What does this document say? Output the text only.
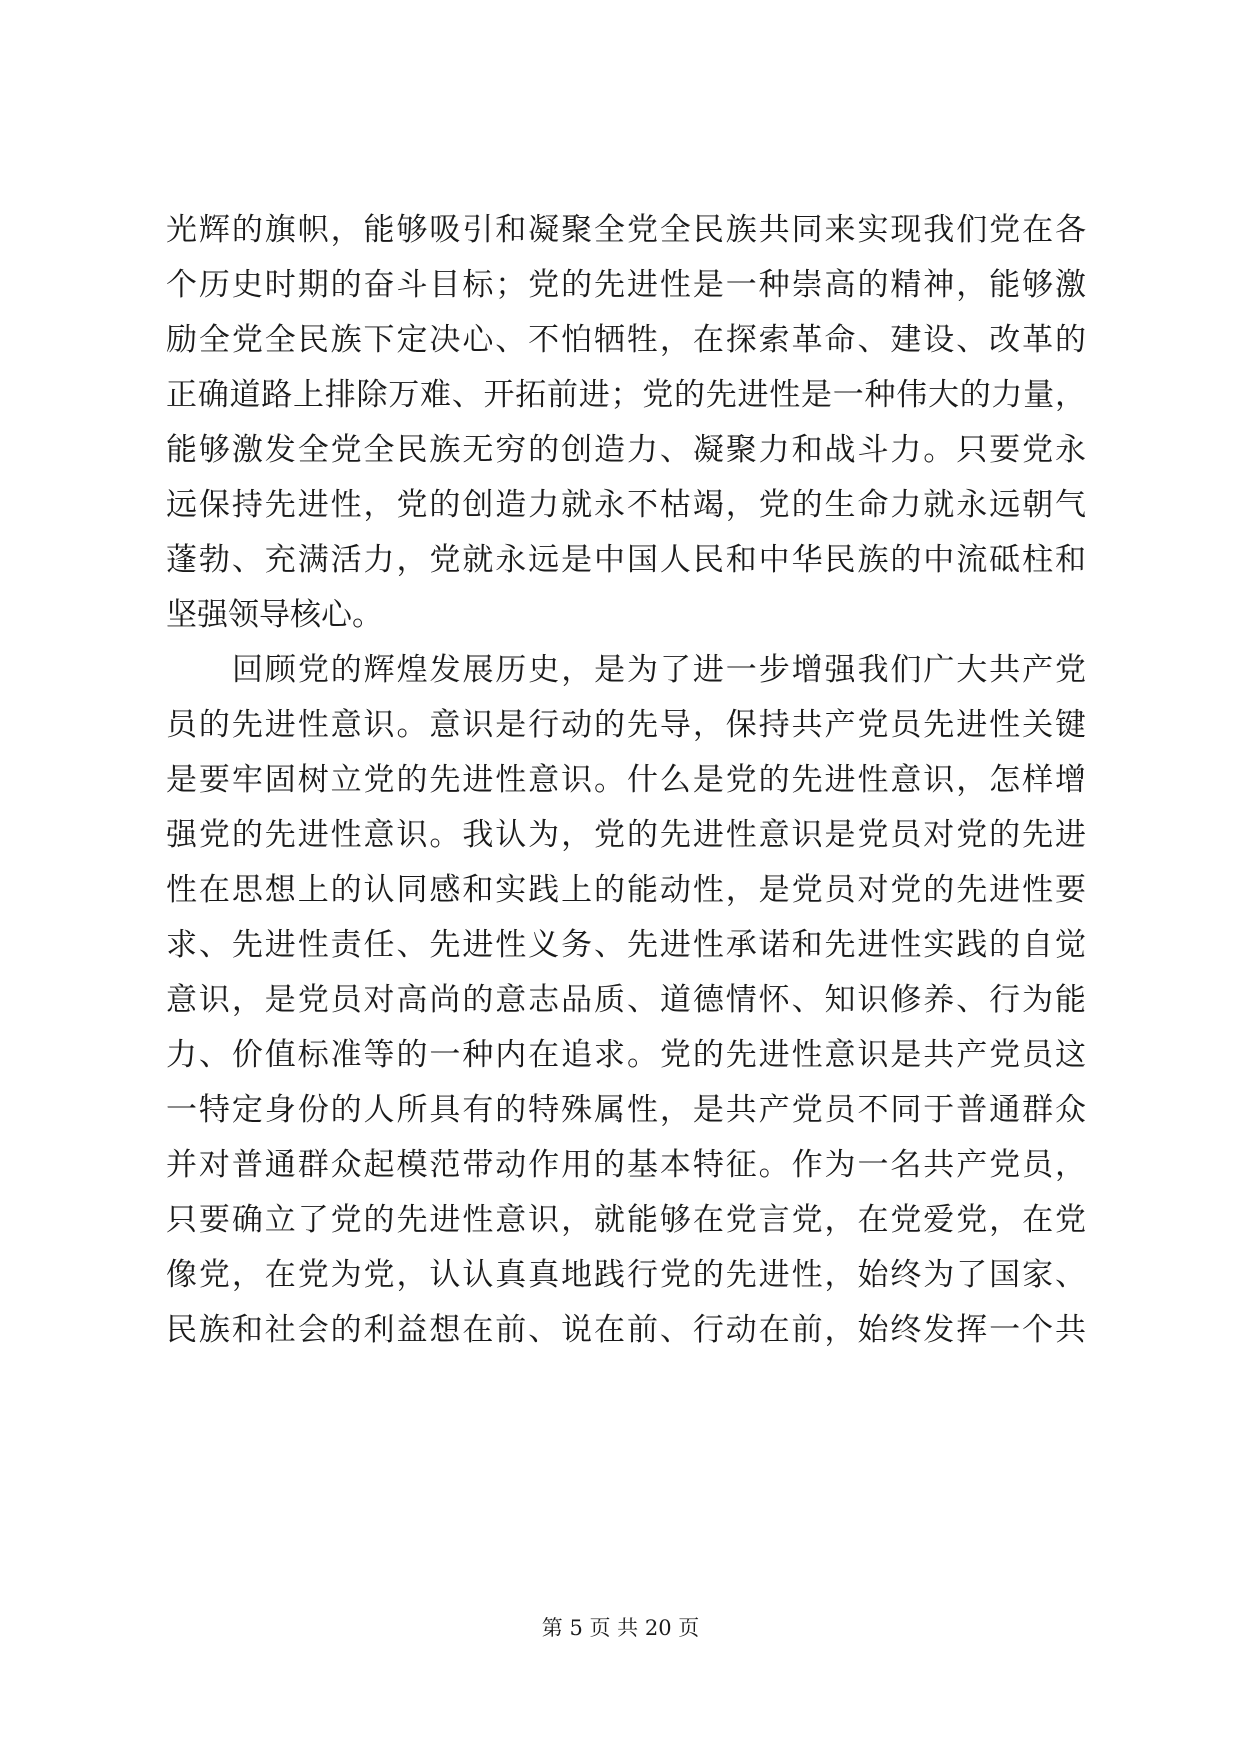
光辉的旗帜，能够吸引和凝聚全党全民族共同来实现我们党在各
个历史时期的奋斗目标；党的先进性是一种崇高的精神，能够激
励全党全民族下定决心、不怕牺牲，在探索革命、建设、改革的
正确道路上排除万难、开拓前进；党的先进性是一种伟大的力量，
能够激发全党全民族无穷的创造力、凝聚力和战斗力。只要党永
远保持先进性，党的创造力就永不枯竭，党的生命力就永远朝气
蓬勃、充满活力，党就永远是中国人民和中华民族的中流砥柱和
坚强领导核心。
回顾党的辉煌发展历史，是为了进一步增强我们广大共产党
员的先进性意识。意识是行动的先导，保持共产党员先进性关键
是要牢固树立党的先进性意识。什么是党的先进性意识，怎样增
强党的先进性意识。我认为，党的先进性意识是党员对党的先进
性在思想上的认同感和实践上的能动性，是党员对党的先进性要
求、先进性责任、先进性义务、先进性承诺和先进性实践的自觉
意识，是党员对高尚的意志品质、道德情怀、知识修养、行为能
力、价值标准等的一种内在追求。党的先进性意识是共产党员这
一特定身份的人所具有的特殊属性，是共产党员不同于普通群众
并对普通群众起模范带动作用的基本特征。作为一名共产党员，
只要确立了党的先进性意识，就能够在党言党，在党爱党，在党
像党，在党为党，认认真真地践行党的先进性，始终为了国家、
民族和社会的利益想在前、说在前、行动在前，始终发挥一个共
第 5 页 共 20 页
